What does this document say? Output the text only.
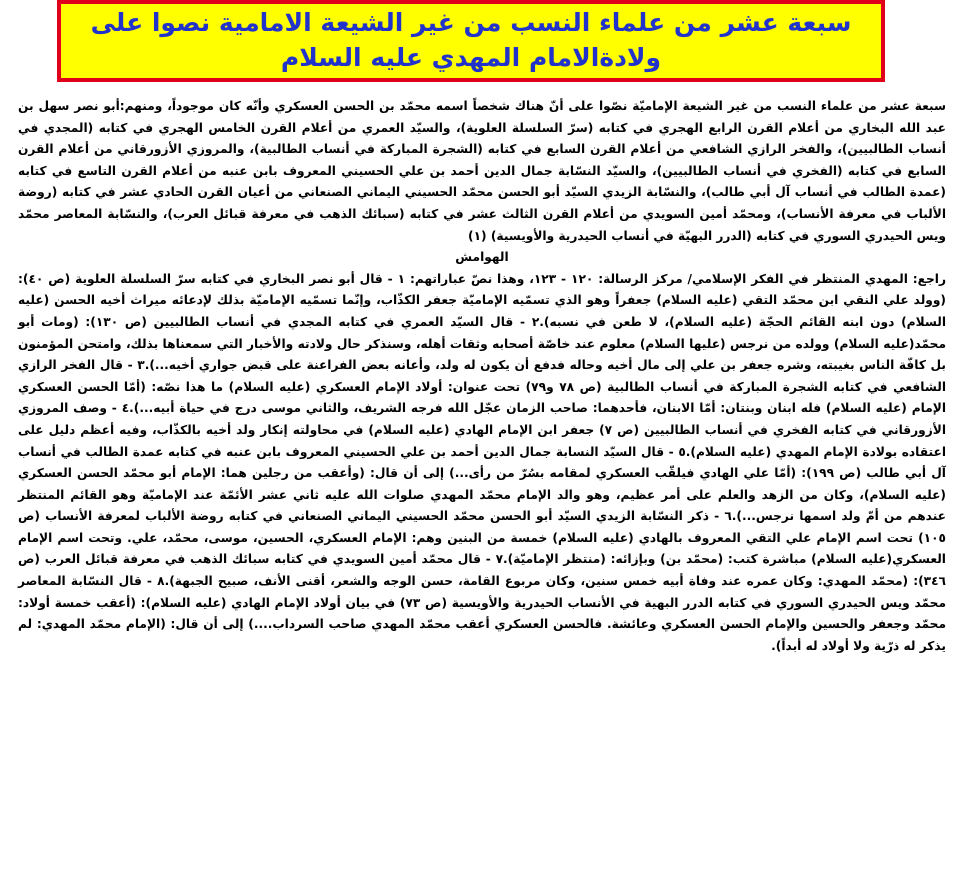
سبعة عشر من علماء النسب من غير الشيعة الامامية نصوا على
ولادةالامام المهدي عليه السلام

سبعة عشر من علماء النسب من غير الشيعة الإماميّة نصّوا على أنّ هناك شخصاً اسمه محمّد بن الحسن العسكري وأنّه كان موجوداً، ومنهم:أبو نصر سهل بن عبد الله البخاري من أعلام القرن الرابع الهجري في كتابه (سرّ السلسلة العلوية)، والسيّد العمري من أعلام القرن الخامس الهجري في كتابه (المجدي في أنساب الطالبيين)، والفخر الرازي الشافعي من أعلام القرن السابع في كتابه (الشجرة المباركة في أنساب الطالبية)، والمروزي الأزورقاني من أعلام القرن السابع في كتابه (الفخري في أنساب الطالبيين)، والسيّد النسّابة جمال الدين أحمد بن علي الحسيني المعروف بابن عنبه من أعلام القرن التاسع في كتابه (عمدة الطالب في أنساب آل أبي طالب)، والنسّابة الزيدي السيّد أبو الحسن محمّد الحسيني اليماني الصنعاني من أعيان القرن الحادي عشر في كتابه (روضة الألباب في معرفة الأنساب)، ومحمّد أمين السويدي من أعلام القرن الثالث عشر في كتابه (سبائك الذهب في معرفة قبائل العرب)، والنسّابة المعاصر محمّد ويس الحيدري السوري في كتابه (الدرر البهيّة في أنساب الحيدرية والأويسية) (١)

الهوامش

راجع: المهدي المنتظر في الفكر الإسلامي/ مركز الرسالة: ١٢٠ - ١٢٣، وهذا نصّ عباراتهم: ١ - قال أبو نصر البخاري في كتابه سرّ السلسلة العلوية (ص ٤٠): (وولد علي النقي ابن محمّد التقي (عليه السلام) جعفراً وهو الذي تسمّيه الإماميّة جعفر الكذّاب، وإنّما تسمّيه الإماميّة بذلك لإدعائه ميراث أخيه الحسن (عليه السلام) دون ابنه القائم الحجّة (عليه السلام)، لا طعن في نسبه).٢ - قال السيّد العمري في كتابه المجدي في أنساب الطالبيين (ص ١٣٠): (ومات أبو محمّد(عليه السلام) وولده من نرجس (عليها السلام) معلوم عند خاصّة أصحابه وثقات أهله، وسنذكر حال ولادته والأخبار التي سمعناها بذلك، وامتحن المؤمنون بل كافّة الناس بغيبته، وشره جعفر بن علي إلى مال أخيه وحاله فدفع أن يكون له ولد، وأعانه بعض الفراعنة على قبض جواري أخيه...).٣ - قال الفخر الرازي الشافعي في كتابه الشجرة المباركة في أنساب الطالبية (ص ٧٨ و٧٩) تحت عنوان: أولاد الإمام العسكري (عليه السلام) ما هذا نصّه: (أمّا الحسن العسكري الإمام (عليه السلام) فله ابنان وبنتان: أمّا الابنان، فأحدهما: صاحب الزمان عجّل الله فرجه الشريف، والثاني موسى درج في حياة أبيه...).٤ - وصف المروزي الأزورقاني في كتابه الفخري في أنساب الطالبيين (ص ٧) جعفر ابن الإمام الهادي (عليه السلام) في محاولته إنكار ولد أخيه بالكذّاب، وفيه أعظم دليل على اعتقاده بولادة الإمام المهدي (عليه السلام).٥ - قال السيّد النسابة جمال الدين أحمد بن علي الحسيني المعروف بابن عنبه في كتابه عمدة الطالب في أنساب آل أبي طالب (ص ١٩٩): (أمّا علي الهادي فيلقّب العسكري لمقامه بسُرّ من رأى...) إلى أن قال: (وأعقب من رجلين هما: الإمام أبو محمّد الحسن العسكري (عليه السلام)، وكان من الزهد والعلم على أمر عظيم، وهو والد الإمام محمّد المهدي صلوات الله عليه ثاني عشر الأئمّة عند الإماميّة وهو القائم المنتظر عندهم من أمّ ولد اسمها نرجس...).٦ - ذكر النسّابة الزيدي السيّد أبو الحسن محمّد الحسيني اليماني الصنعاني في كتابه روضة الألباب لمعرفة الأنساب (ص ١٠٥) تحت اسم الإمام علي التقي المعروف بالهادي (عليه السلام) خمسة من البنين وهم: الإمام العسكري، الحسين، موسى، محمّد، علي. وتحت اسم الإمام العسكري(عليه السلام) مباشرة كتب: (محمّد بن) وبإزائه: (منتظر الإماميّة).٧ - قال محمّد أمين السويدي في كتابه سبائك الذهب في معرفة قبائل العرب (ص ٣٤٦): (محمّد المهدي: وكان عمره عند وفاة أبيه خمس سنين، وكان مربوع القامة، حسن الوجه والشعر، أقنى الأنف، صبيح الجبهة).٨ - قال النسّابة المعاصر محمّد ويس الحيدري السوري في كتابه الدرر البهية في الأنساب الحيدرية والأويسية (ص ٧٣) في بيان أولاد الإمام الهادي (عليه السلام): (أعقب خمسة أولاد: محمّد وجعفر والحسين والإمام الحسن العسكري وعائشة. فالحسن العسكري أعقب محمّد المهدي صاحب السرداب....) إلى أن قال: (الإمام محمّد المهدي: لم يذكر له ذرّية ولا أولاد له أبداً).
